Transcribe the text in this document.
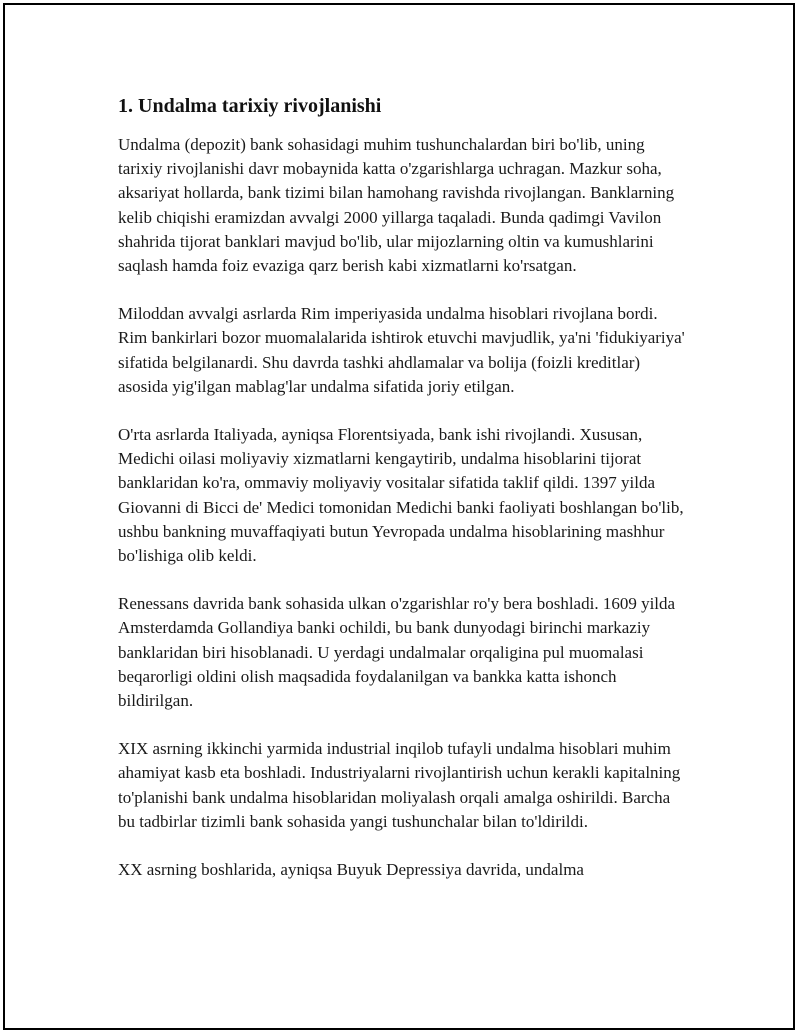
1. Undalma tarixiy rivojlanishi

Undalma (depozit) bank sohasidagi muhim tushunchalardan biri bo'lib, uning tarixiy rivojlanishi davr mobaynida katta o'zgarishlarga uchragan. Mazkur soha, aksariyat hollarda, bank tizimi bilan hamohang ravishda rivojlangan. Banklarning kelib chiqishi eramizdan avvalgi 2000 yillarga taqaladi. Bunda qadimgi Vavilon shahrida tijorat banklari mavjud bo'lib, ular mijozlarning oltin va kumushlarini saqlash hamda foiz evaziga qarz berish kabi xizmatlarni ko'rsatgan.

Miloddan avvalgi asrlarda Rim imperiyasida undalma hisoblari rivojlana bordi. Rim bankirlari bozor muomalalarida ishtirok etuvchi mavjudlik, ya'ni 'fidukiyariya' sifatida belgilanardi. Shu davrda tashki ahdlamalar va bolija (foizli kreditlar) asosida yig'ilgan mablag'lar undalma sifatida joriy etilgan.

O'rta asrlarda Italiyada, ayniqsa Florentsiyada, bank ishi rivojlandi. Xususan, Medichi oilasi moliyaviy xizmatlarni kengaytirib, undalma hisoblarini tijorat banklaridan ko'ra, ommaviy moliyaviy vositalar sifatida taklif qildi. 1397 yilda Giovanni di Bicci de' Medici tomonidan Medichi banki faoliyati boshlangan bo'lib, ushbu bankning muvaffaqiyati butun Yevropada undalma hisoblarining mashhur bo'lishiga olib keldi.

Renessans davrida bank sohasida ulkan o'zgarishlar ro'y bera boshladi. 1609 yilda Amsterdamda Gollandiya banki ochildi, bu bank dunyodagi birinchi markaziy banklaridan biri hisoblanadi. U yerdagi undalmalar orqaligina pul muomalasi beqarorligi oldini olish maqsadida foydalanilgan va bankka katta ishonch bildirilgan.

XIX asrning ikkinchi yarmida industrial inqilob tufayli undalma hisoblari muhim ahamiyat kasb eta boshladi. Industriyalarni rivojlantirish uchun kerakli kapitalning to'planishi bank undalma hisoblaridan moliyalash orqali amalga oshirildi. Barcha bu tadbirlar tizimli bank sohasida yangi tushunchalar bilan to'ldirildi.

XX asrning boshlarida, ayniqsa Buyuk Depressiya davrida, undalma
